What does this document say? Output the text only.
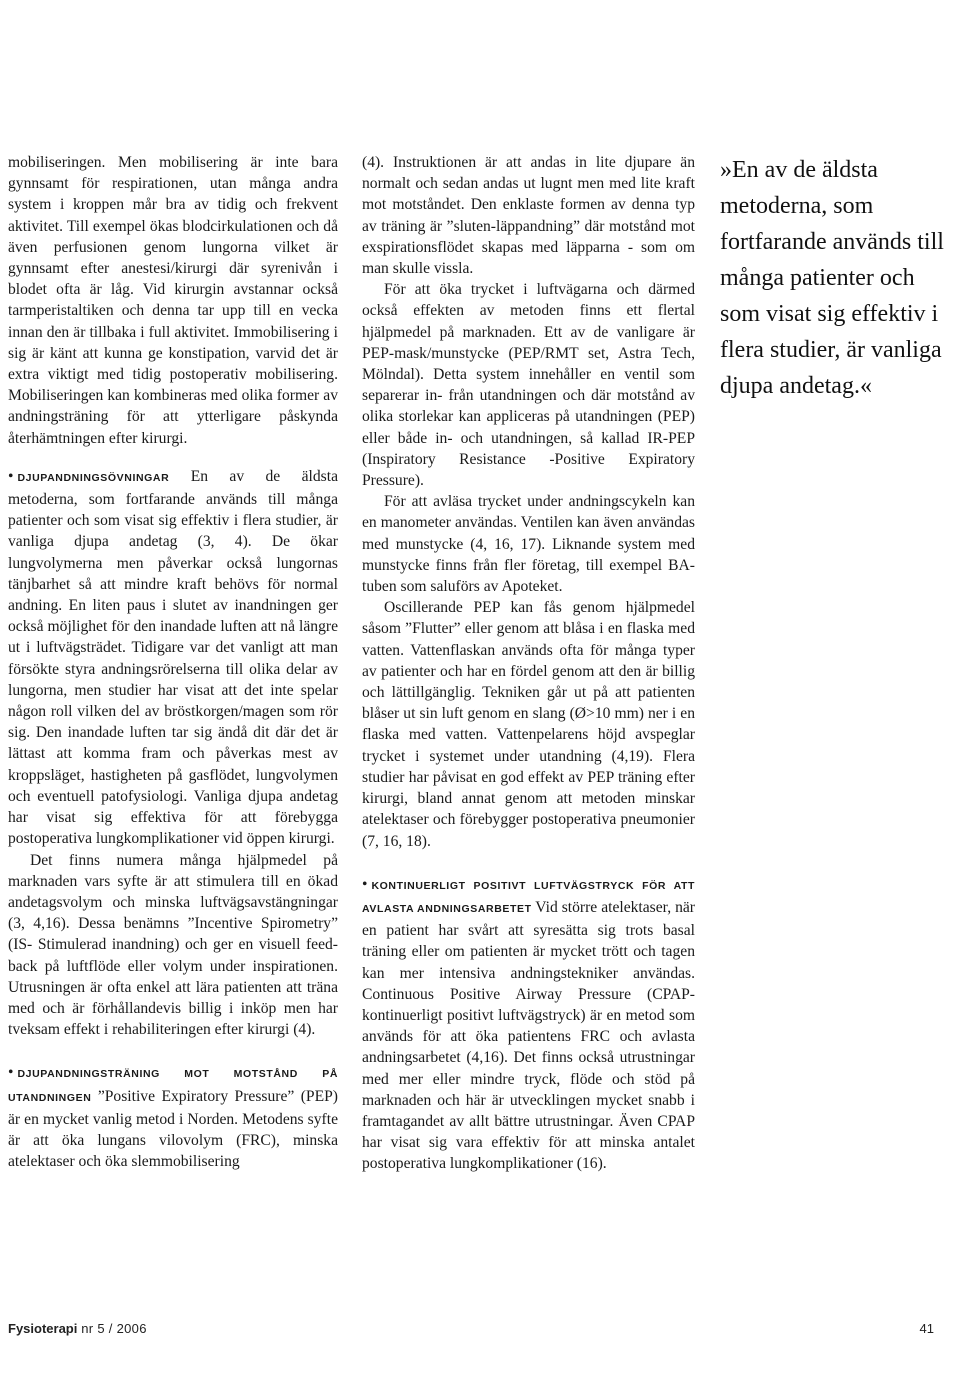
mobiliseringen. Men mobilisering är inte bara gynnsamt för respirationen, utan många andra system i kroppen mår bra av tidig och frekvent aktivitet. Till exempel ökas blodcirkulationen och då även perfusionen genom lungorna vilket är gynnsamt efter anestesi/kirurgi där syrenivån i blodet ofta är låg. Vid kirurgin avstannar också tarmperistaltiken och denna tar upp till en vecka innan den är tillbaka i full aktivitet. Immobilisering i sig är känt att kunna ge konstipation, varvid det är extra viktigt med tidig postoperativ mobilisering. Mobiliseringen kan kombineras med olika former av andningsträning för att ytterligare påskynda återhämtningen efter kirurgi.

• DJUPANDNINGSÖVNINGAR En av de äldsta metoderna, som fortfarande används till många patienter och som visat sig effektiv i flera studier, är vanliga djupa andetag (3, 4). De ökar lungvolymerna men påverkar också lungornas tänjbarhet så att mindre kraft behövs för normal andning. En liten paus i slutet av inandningen ger också möjlighet för den inandade luften att nå längre ut i luftvägsträdet. Tidigare var det vanligt att man försökte styra andningsrörelserna till olika delar av lungorna, men studier har visat att det inte spelar någon roll vilken del av bröstkorgen/magen som rör sig. Den inandade luften tar sig ändå dit där det är lättast att komma fram och påverkas mest av kroppsläget, hastigheten på gasflödet, lungvolymen och eventuell patofysiologi. Vanliga djupa andetag har visat sig effektiva för att förebygga postoperativa lungkomplikationer vid öppen kirurgi.

Det finns numera många hjälpmedel på marknaden vars syfte är att stimulera till en ökad andetagsvolym och minska luftvägsavstängningar (3, 4,16). Dessa benämns ”Incentive Spirometry” (IS- Stimulerad inandning) och ger en visuell feed-back på luftflöde eller volym under inspirationen. Utrusningen är ofta enkel att lära patienten att träna med och är förhållandevis billig i inköp men har tveksam effekt i rehabiliteringen efter kirurgi (4).

• DJUPANDNINGSTRÄNING MOT MOTSTÅND PÅ UTANDNINGEN ”Positive Expiratory Pressure” (PEP) är en mycket vanlig metod i Norden. Metodens syfte är att öka lungans vilovolym (FRC), minska atelektaser och öka slemmobilisering

(4). Instruktionen är att andas in lite djupare än normalt och sedan andas ut lugnt men med lite kraft mot motståndet. Den enklaste formen av denna typ av träning är ”sluten-läppandning” där motstånd mot exspirationsflödet skapas med läpparna - som om man skulle vissla.

För att öka trycket i luftvägarna och därmed också effekten av metoden finns ett flertal hjälpmedel på marknaden. Ett av de vanligare är PEP-mask/munstycke (PEP/RMT set, Astra Tech, Mölndal). Detta system innehåller en ventil som separerar in- från utandningen och där motstånd av olika storlekar kan appliceras på utandningen (PEP) eller både in- och utandningen, så kallad IR-PEP (Inspiratory Resistance -Positive Expiratory Pressure).

För att avläsa trycket under andningscykeln kan en manometer användas. Ventilen kan även användas med munstycke (4, 16, 17). Liknande system med munstycke finns från fler företag, till exempel BA-tuben som saluförs av Apoteket.

Oscillerande PEP kan fås genom hjälpmedel såsom ”Flutter” eller genom att blåsa i en flaska med vatten. Vattenflaskan används ofta för många typer av patienter och har en fördel genom att den är billig och lättillgänglig. Tekniken går ut på att patienten blåser ut sin luft genom en slang (Ø>10 mm) ner i en flaska med vatten. Vattenpelarens höjd avspeglar trycket i systemet under utandning (4,19). Flera studier har påvisat en god effekt av PEP träning efter kirurgi, bland annat genom att metoden minskar atelektaser och förebygger postoperativa pneumonier (7, 16, 18).

• KONTINUERLIGT POSITIVT LUFTVÄGSTRYCK FÖR ATT AVLASTA ANDNINGSARBETET Vid större atelektaser, när en patient har svårt att syresätta sig trots basal träning eller om patienten är mycket trött och tagen kan mer intensiva andningstekniker användas. Continuous Positive Airway Pressure (CPAP- kontinuerligt positivt luftvägstryck) är en metod som används för att öka patientens FRC och avlasta andningsarbetet (4,16). Det finns också utrustningar med mer eller mindre tryck, flöde och stöd på marknaden och här är utvecklingen mycket snabb i framtagandet av allt bättre utrustningar. Även CPAP har visat sig vara effektiv för att minska antalet postoperativa lungkomplikationer (16).

»En av de äldsta metoderna, som fortfarande används till många patienter och som visat sig effektiv i flera studier, är vanliga djupa andetag.«
Fysioterapi nr 5 / 2006	41
